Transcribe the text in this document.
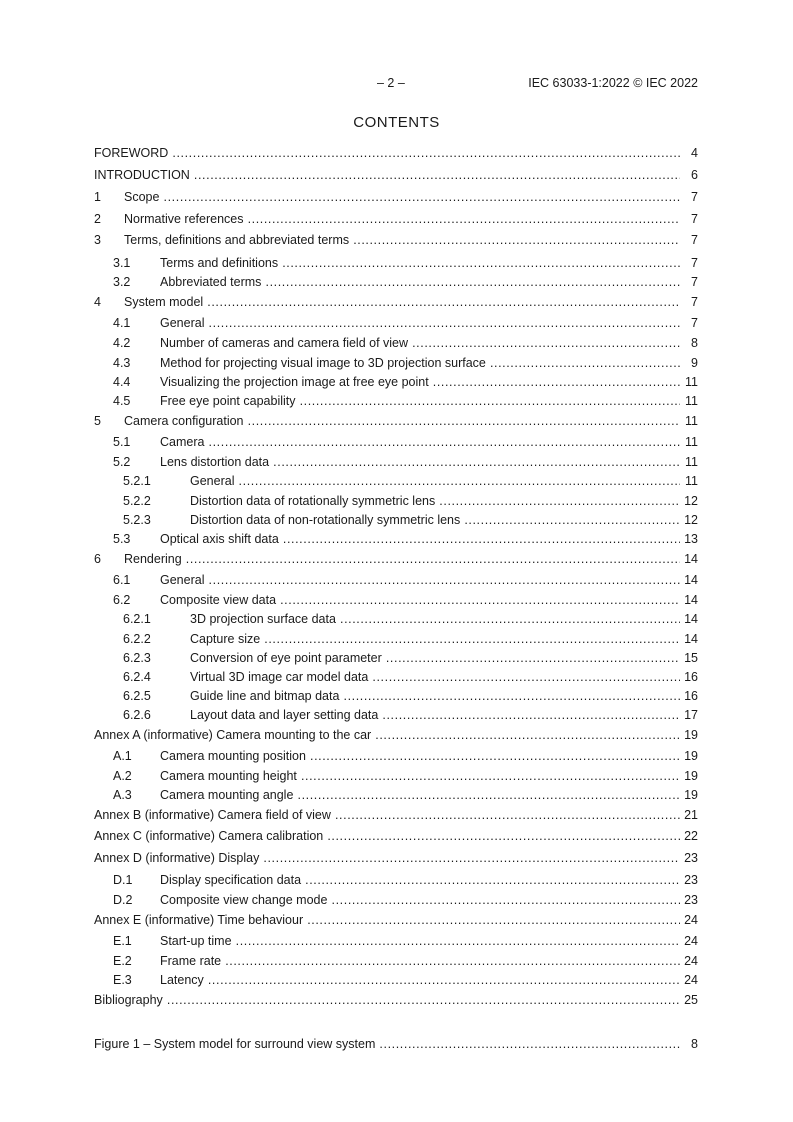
– 2 –	IEC 63033-1:2022 © IEC 2022
CONTENTS
FOREWORD .....	4
INTRODUCTION .....	6
1 Scope .....	7
2 Normative references .....	7
3 Terms, definitions and abbreviated terms .....	7
3.1 Terms and definitions .....	7
3.2 Abbreviated terms .....	7
4 System model .....	7
4.1 General .....	7
4.2 Number of cameras and camera field of view .....	8
4.3 Method for projecting visual image to 3D projection surface .....	9
4.4 Visualizing the projection image at free eye point .....	11
4.5 Free eye point capability .....	11
5 Camera configuration .....	11
5.1 Camera .....	11
5.2 Lens distortion data .....	11
5.2.1	General .....	11
5.2.2	Distortion data of rotationally symmetric lens .....	12
5.2.3	Distortion data of non-rotationally symmetric lens .....	12
5.3 Optical axis shift data .....	13
6 Rendering .....	14
6.1 General .....	14
6.2 Composite view data .....	14
6.2.1	3D projection surface data .....	14
6.2.2	Capture size .....	14
6.2.3	Conversion of eye point parameter .....	15
6.2.4	Virtual 3D image car model data .....	16
6.2.5	Guide line and bitmap data .....	16
6.2.6	Layout data and layer setting data .....	17
Annex A (informative) Camera mounting to the car .....	19
A.1 Camera mounting position .....	19
A.2 Camera mounting height .....	19
A.3 Camera mounting angle .....	19
Annex B (informative) Camera field of view .....	21
Annex C (informative) Camera calibration .....	22
Annex D (informative) Display .....	23
D.1 Display specification data .....	23
D.2 Composite view change mode .....	23
Annex E (informative) Time behaviour .....	24
E.1 Start-up time .....	24
E.2 Frame rate .....	24
E.3 Latency .....	24
Bibliography .....	25
Figure 1 – System model for surround view system .....	8
